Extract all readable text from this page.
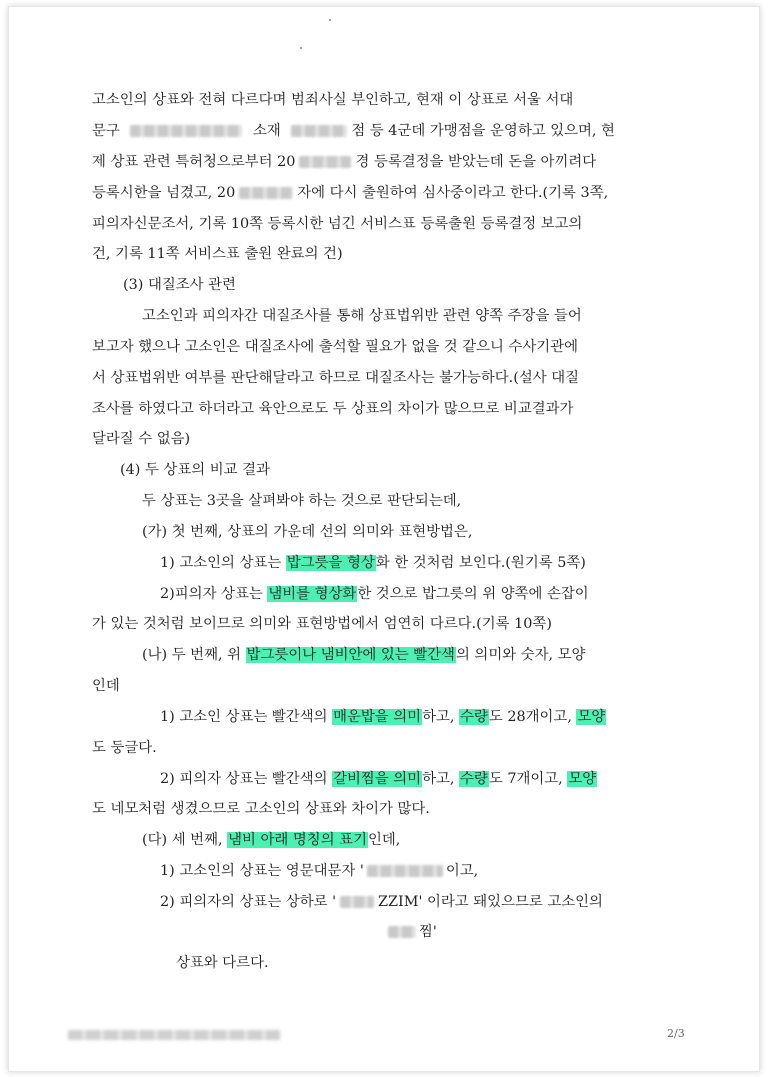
고소인의 상표와 전혀 다르다며 범죄사실 부인하고, 현재 이 상표로 서울 서대
문구	소재	점 등 4군데 가맹점을 운영하고 있으며, 현
제 상표 관련 특허청으로부터 20	경 등록결정을 받았는데 돈을 아끼려다
등록시한을 넘겼고, 20	자에 다시 출원하여 심사중이라고 한다.(기록 3쪽,
피의자신문조서, 기록 10쪽 등록시한 넘긴 서비스표 등록출원 등록결정 보고의
건, 기록 11쪽 서비스표 출원 완료의 건)
(3) 대질조사 관련
고소인과 피의자간 대질조사를 통해 상표법위반 관련 양쪽 주장을 들어
보고자 했으나 고소인은 대질조사에 출석할 필요가 없을 것 같으니 수사기관에
서 상표법위반 여부를 판단해달라고 하므로 대질조사는 불가능하다.(설사 대질
조사를 하였다고 하더라고 육안으로도 두 상표의 차이가 많으므로 비교결과가
달라질 수 없음)
(4) 두 상표의 비교 결과
두 상표는 3곳을 살펴봐야 하는 것으로 판단되는데,
(가) 첫 번째, 상표의 가운데 선의 의미와 표현방법은,
1) 고소인의 상표는 밥그릇을 형상화 한 것처럼 보인다.(원기록 5쪽)
2)피의자 상표는 냄비를 형상화한 것으로 밥그릇의 위 양쪽에 손잡이
가 있는 것처럼 보이므로 의미와 표현방법에서 엄연히 다르다.(기록 10쪽)
(나) 두 번째, 위 밥그릇이나 냄비안에 있는 빨간색의 의미와 숫자, 모양
인데
1) 고소인 상표는 빨간색의 매운밥을 의미하고, 수량도 28개이고, 모양
도 둥글다.
2) 피의자 상표는 빨간색의 갈비찜을 의미하고, 수량도 7개이고, 모양
도 네모처럼 생겼으므로 고소인의 상표와 차이가 많다.
(다) 세 번째, 냄비 아래 명칭의 표기인데,
1) 고소인의 상표는 영문대문자 '	이고,
2) 피의자의 상표는 상하로 '	ZZIM' 이라고 돼있으므로 고소인의
찜'
상표와 다르다.
2/3
